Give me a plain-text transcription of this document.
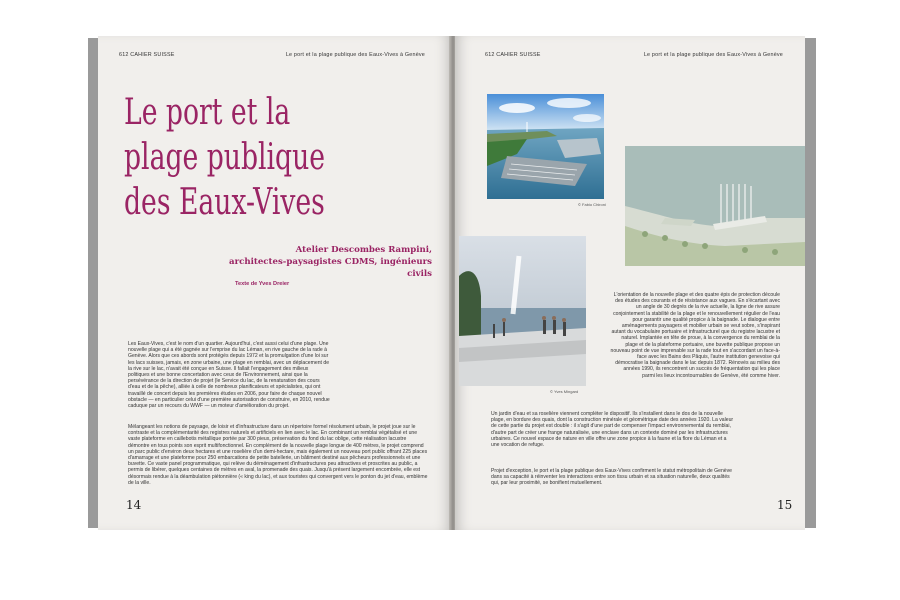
612 CAHIER SUISSE	Le port et la plage publique des Eaux-Vives à Genève
Le port et la
plage publique
des Eaux-Vives
Atelier Descombes Rampini,
architectes-paysagistes CDMS, ingénieurs civils
Texte de Yves Dreier

Les Eaux-Vives, c'est le nom d'un quartier. Aujourd'hui, c'est aussi celui d'une plage. Une nouvelle plage qui a été gagnée sur l'emprise du lac Léman, en rive gauche de la rade à Genève. Alors que ces abords sont protégés depuis 1972 et la promulgation d'une loi sur les lacs suisses, jamais, en zone urbaine, une plage en remblai, avec un déplacement de la rive sur le lac, n'avait été conçue en Suisse. Il fallait l'engagement des milieux politiques et une bonne concertation avec ceux de l'Environnement, ainsi que la persévérance de la direction de projet (le Service du lac, de la renaturation des cours d'eau et de la pêche), alliée à celle de nombreux planificateurs et spécialistes, qui ont travaillé de concert depuis les premières études en 2006, pour faire de chaque nouvel obstacle — en particulier celui d'une première autorisation de construire, en 2010, rendue caduque par un recours du WWF — un moteur d'amélioration du projet.

Mélangeant les notions de paysage, de loisir et d'infrastructure dans un répertoire formel résolument urbain, le projet joue sur le contraste et la complémentarité des registres naturels et artificiels en lien avec le lac. En combinant un remblai végétalisé et une vaste plateforme en caillebotis métallique portée par 300 pieux, préservation du fond du lac oblige, cette réalisation lacustre démontre en tous points son esprit multifonctionnel. En complément de la nouvelle plage longue de 400 mètres, le projet comprend un parc public d'environ deux hectares et une roselière d'un demi-hectare, mais également un nouveau port public offrant 225 places d'amarrage et une plateforme pour 250 embarcations de petite batellerie, un bâtiment destiné aux pêcheurs professionnels et une buvette. Ce vaste panel programmatique, qui relève du déménagement d'infrastructures peu attractives et proscrites au public, a permis de libérer, quelques centaines de mètres en aval, la promenade des quais. Jusqu'à présent largement encombrée, elle est désormais rendue à la déambulation piétonnière (« king du lac), et aux touristes qui convergent vers le ponton du jet d'eau, emblème de la ville.

14
612 CAHIER SUISSE	Le port et la plage publique des Eaux-Vives à Genève
© Fabio Chironi
© Yves Mingard

L'orientation de la nouvelle plage et des quatre épis de protection découle des études des courants et de résistance aux vagues. En s'écartant avec un angle de 30 degrés de la rive actuelle, la ligne de rive assure conjointement la stabilité de la plage et le renouvellement régulier de l'eau pour garantir une qualité propice à la baignade. Le dialogue entre aménagements paysagers et mobilier urbain se veut sobre, s'inspirant autant du vocabulaire portuaire et infrastructurel que du registre lacustre et naturel. Implantée en tête de proue, à la convergence du remblai de la plage et de la plateforme portuaire, une buvette publique propose un nouveau point de vue imprenable sur la rade tout en s'accordant un face-à-face avec les Bains des Pâquis, l'autre institution genevoise qui démocratise la baignade dans le lac depuis 1872. Rénovés au milieu des années 1990, ils rencontrent un succès de fréquentation qui les place parmi les lieux incontournables de Genève, été comme hiver.

Un jardin d'eau et sa roselière viennent compléter le dispositif. Ils s'installent dans le dos de la nouvelle plage, en bordure des quais, dont la construction minérale et géométrique date des années 1920. La valeur de cette partie du projet est double : il s'agit d'une part de compenser l'impact environnemental du remblai, d'autre part de créer une frange naturalisée, une enclave dans un contexte dominé par les infrastructures urbaines. Ce nouvel espace de nature en ville offre une zone propice à la faune et la flore du Léman et a une vocation de refuge.

Projet d'exception, le port et la plage publique des Eaux-Vives confirment le statut métropolitain de Genève dans sa capacité à réinventer les interactions entre son tissu urbain et sa situation naturelle, deux qualités qui, par leur proximité, se bonifient mutuellement.

15
